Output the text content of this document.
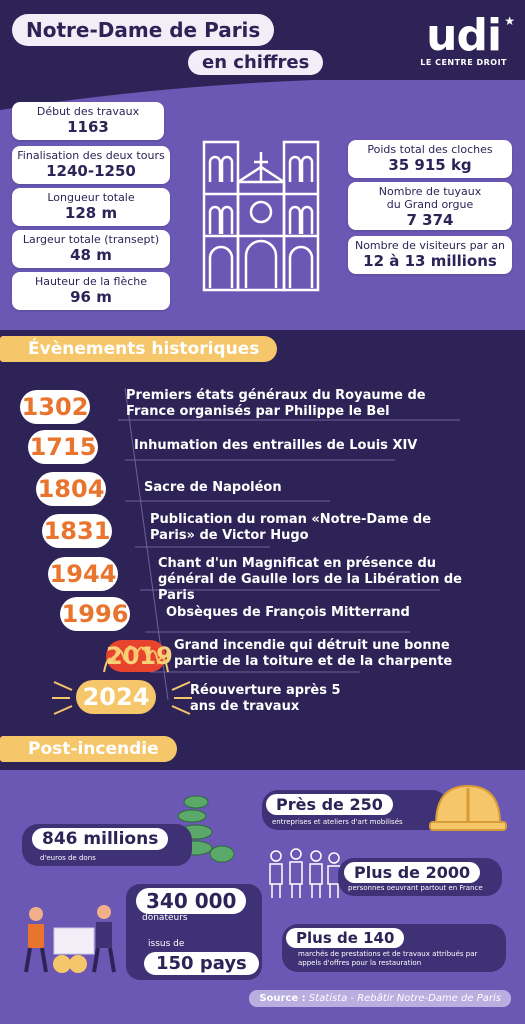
Notre-Dame de Paris
en chiffres
udi ★
LE CENTRE DROIT
Début des travaux
1163
Finalisation des deux tours
1240-1250
Longueur totale
128 m
Largeur totale (transept)
48 m
Hauteur de la flèche
96 m
Poids total des cloches
35 915 kg
Nombre de tuyaux du Grand orgue
7 374
Nombre de visiteurs par an
12 à 13 millions
Évènements historiques
1302	Premiers états généraux du Royaume de France organisés par Philippe le Bel
1715	Inhumation des entrailles de Louis XIV
1804	Sacre de Napoléon
1831	Publication du roman «Notre-Dame de Paris» de Victor Hugo
1944	Chant d'un Magnificat en présence du général de Gaulle lors de la Libération de Paris
1996	Obsèques de François Mitterrand
2019 Grand incendie qui détruit une bonne partie de la toiture et de la charpente
2024	Réouverture après 5 ans de travaux
Post-incendie
846 millions
d'euros de dons
340 000
donateurs
issus de
150 pays
Près de 250
entreprises et ateliers d'art mobilisés
Plus de 2000
personnes oeuvrant partout en France
Plus de 140
marchés de prestations et de travaux attribués par appels d'offres pour la restauration
Source : Statista - Rebâtir Notre-Dame de Paris
